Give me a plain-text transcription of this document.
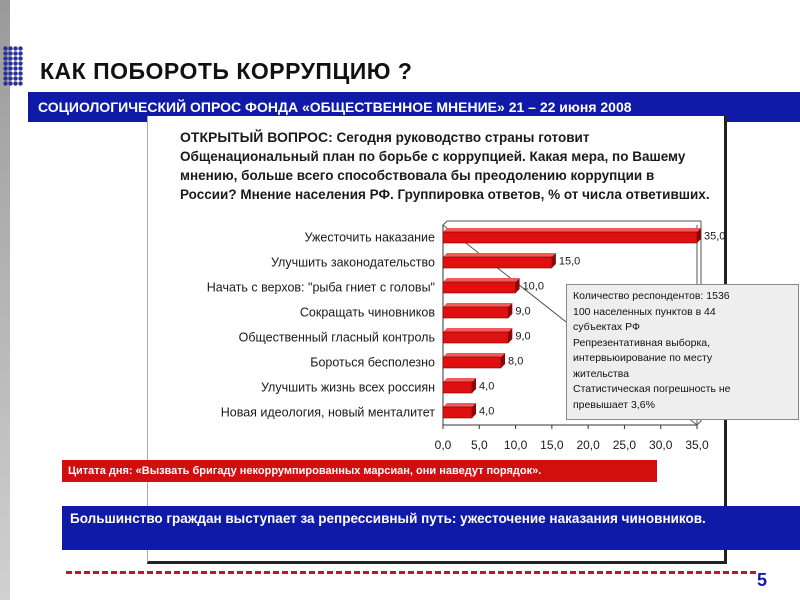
КАК ПОБОРОТЬ КОРРУПЦИЮ ?
СОЦИОЛОГИЧЕСКИЙ ОПРОС ФОНДА «ОБЩЕСТВЕННОЕ МНЕНИЕ» 21 – 22 июня 2008
ОТКРЫТЫЙ ВОПРОС: Сегодня руководство страны готовит Общенациональный план по борьбе с коррупцией. Какая мера, по Вашему мнению, больше всего способствовала бы преодолению коррупции в России? Мнение населения РФ. Группировка ответов, % от числа ответивших.
Ужесточить наказание	35,0
Улучшить законодательство	15,0
Начать с верхов: "рыба гниет с головы"	10,0
Сокращать чиновников	9,0
Общественный гласный контроль	9,0
Бороться бесполезно	8,0
Улучшить жизнь всех россиян	4,0
Новая идеология, новый менталитет	4,0
0,0 5,0 10,0 15,0 20,0 25,0 30,0 35,0
Количество респондентов: 1536
100 населенных пунктов в 44
субъектах РФ
Репрезентативная выборка,
интервьюирование по месту
жительства
Статистическая погрешность не
превышает 3,6%
Цитата дня: «Вызвать бригаду некоррумпированных марсиан, они наведут порядок».
Большинство граждан выступает за репрессивный путь: ужесточение наказания чиновников.
5
